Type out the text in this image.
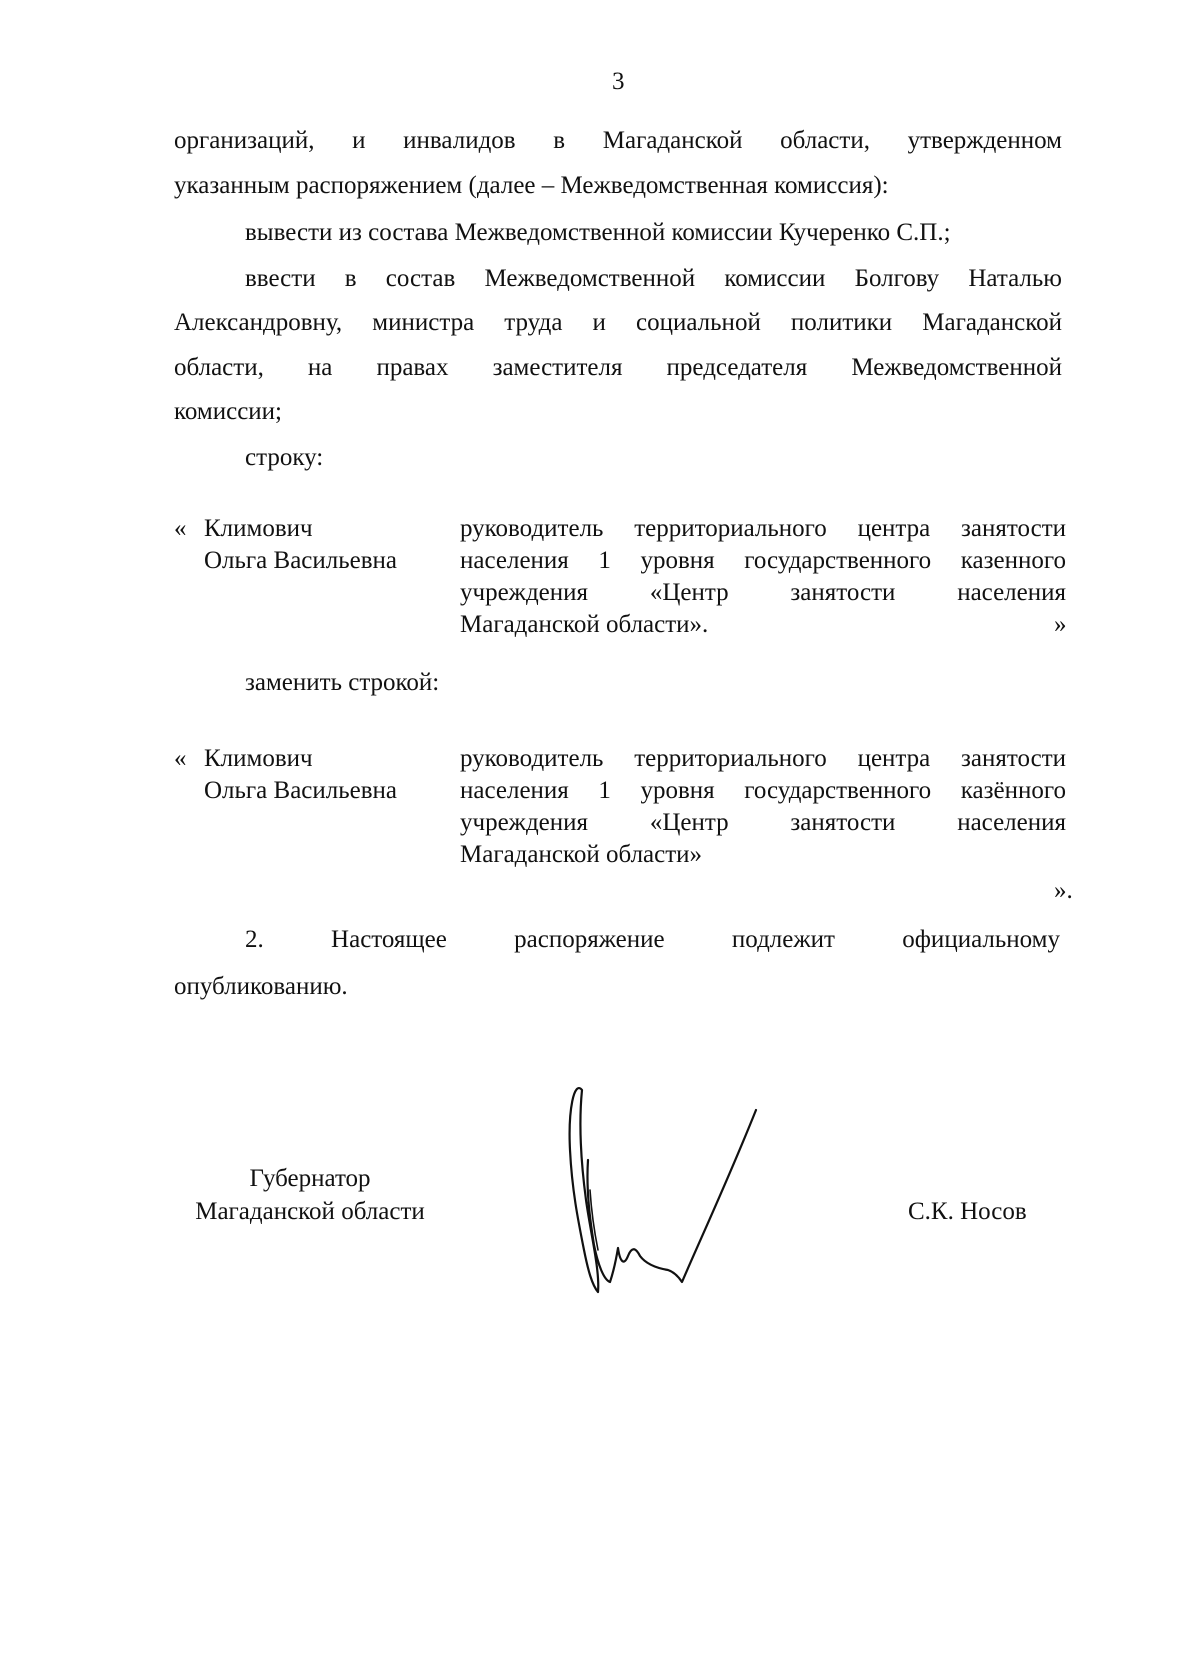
3
организаций, и инвалидов в Магаданской области, утвержденном
указанным распоряжением (далее – Межведомственная комиссия):
вывести из состава Межведомственной комиссии Кучеренко С.П.;
ввести в состав Межведомственной комиссии Болгову Наталью
Александровну, министра труда и социальной политики Магаданской
области, на правах заместителя председателя Межведомственной
комиссии;
строку:
« Климович
Ольга Васильевна
руководитель территориального центра занятости
населения 1 уровня государственного казенного
учреждения «Центр занятости населения
Магаданской области».	»
заменить строкой:
« Климович
Ольга Васильевна
руководитель территориального центра занятости
населения 1 уровня государственного казённого
учреждения «Центр занятости населения
Магаданской области»
».
2. Настоящее распоряжение подлежит официальному
опубликованию.
Губернатор
Магаданской области	С.К. Носов
